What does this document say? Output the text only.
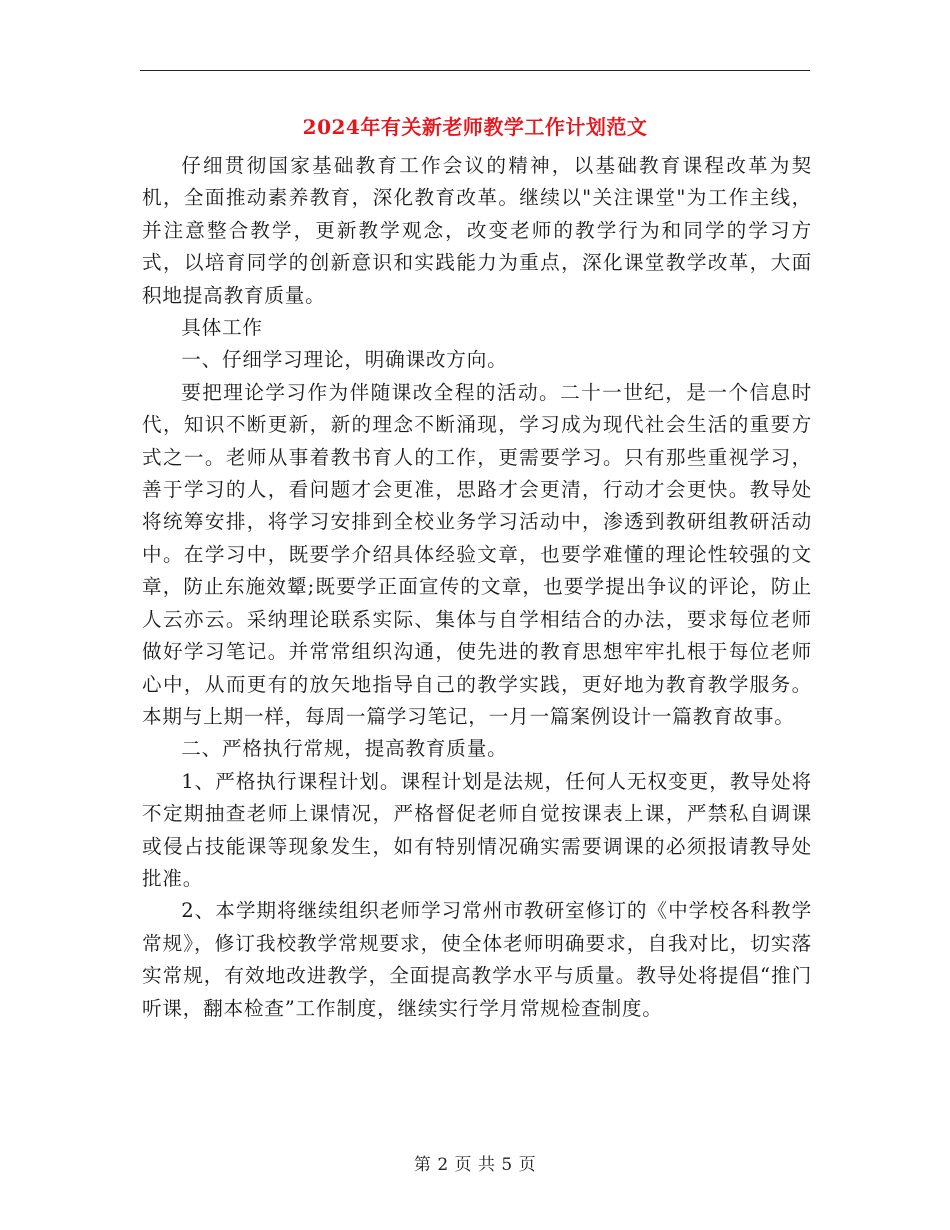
2024年有关新老师教学工作计划范文

仔细贯彻国家基础教育工作会议的精神，以基础教育课程改革为契机，全面推动素养教育，深化教育改革。继续以"关注课堂"为工作主线，并注意整合教学，更新教学观念，改变老师的教学行为和同学的学习方式，以培育同学的创新意识和实践能力为重点，深化课堂教学改革，大面积地提高教育质量。

具体工作

一、仔细学习理论，明确课改方向。

要把理论学习作为伴随课改全程的活动。二十一世纪，是一个信息时代，知识不断更新，新的理念不断涌现，学习成为现代社会生活的重要方式之一。老师从事着教书育人的工作，更需要学习。只有那些重视学习，善于学习的人，看问题才会更准，思路才会更清，行动才会更快。教导处将统筹安排，将学习安排到全校业务学习活动中，渗透到教研组教研活动中。在学习中，既要学介绍具体经验文章，也要学难懂的理论性较强的文章，防止东施效颦;既要学正面宣传的文章，也要学提出争议的评论，防止人云亦云。采纳理论联系实际、集体与自学相结合的办法，要求每位老师做好学习笔记。并常常组织沟通，使先进的教育思想牢牢扎根于每位老师心中，从而更有的放矢地指导自己的教学实践，更好地为教育教学服务。 本期与上期一样，每周一篇学习笔记，一月一篇案例设计一篇教育故事。

二、严格执行常规，提高教育质量。

1、严格执行课程计划。课程计划是法规，任何人无权变更，教导处将不定期抽查老师上课情况，严格督促老师自觉按课表上课，严禁私自调课或侵占技能课等现象发生，如有特别情况确实需要调课的必须报请教导处批准。

2、本学期将继续组织老师学习常州市教研室修订的《中学校各科教学常规》，修订我校教学常规要求，使全体老师明确要求，自我对比，切实落实常规，有效地改进教学，全面提高教学水平与质量。教导处将提倡“推门听课，翻本检查”工作制度，继续实行学月常规检查制度。

第 2 页 共 5 页
